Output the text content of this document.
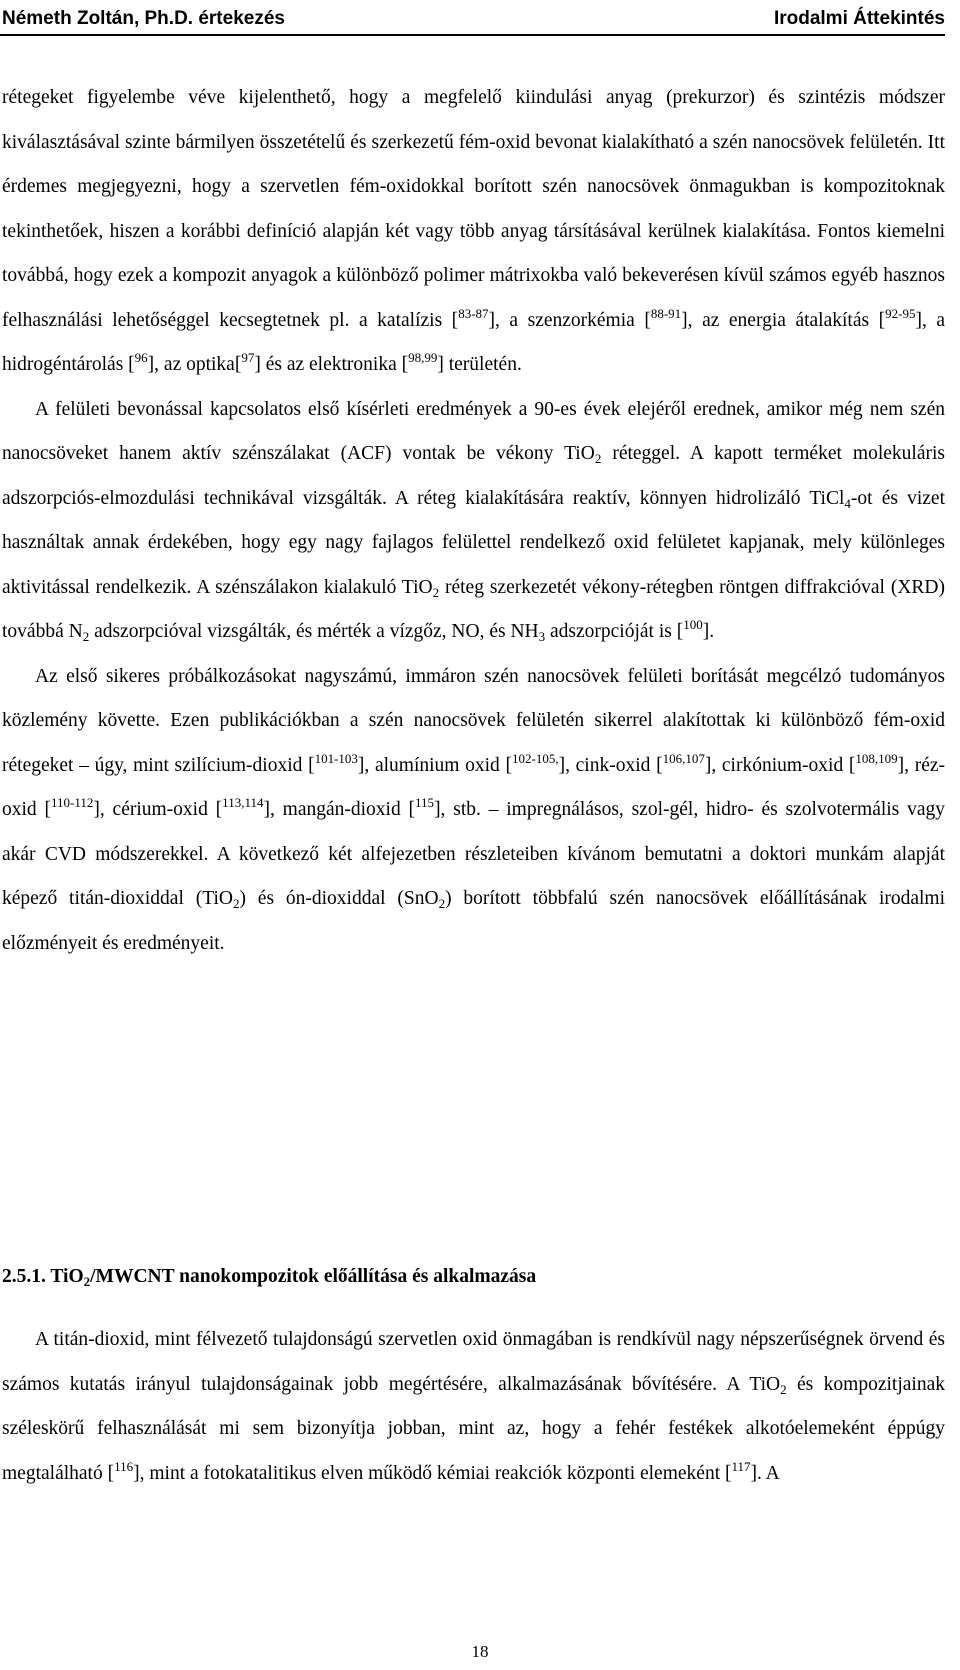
Németh Zoltán, Ph.D. értekezés	Irodalmi Áttekintés

rétegeket figyelembe véve kijelenthető, hogy a megfelelő kiindulási anyag (prekurzor) és szintézis módszer kiválasztásával szinte bármilyen összetételű és szerkezetű fém-oxid bevonat kialakítható a szén nanocsövek felületén. Itt érdemes megjegyezni, hogy a szervetlen fém-oxidokkal borított szén nanocsövek önmagukban is kompozitoknak tekinthetőek, hiszen a korábbi definíció alapján két vagy több anyag társításával kerülnek kialakítása. Fontos kiemelni továbbá, hogy ezek a kompozit anyagok a különböző polimer mátrixokba való bekeverésen kívül számos egyéb hasznos felhasználási lehetőséggel kecsegtetnek pl. a katalízis [$^{83-87}$], a szenzorkémia [$^{88-91}$], az energia átalakítás [$^{92-95}$], a hidrogéntárolás [$^{96}$], az optika[$^{97}$] és az elektronika [$^{98,99}$] területén.

A felületi bevonással kapcsolatos első kísérleti eredmények a 90-es évek elejéről erednek, amikor még nem szén nanocsöveket hanem aktív szénszálakat (ACF) vontak be vékony TiO$_2$ réteggel. A kapott terméket molekuláris adszorpciós-elmozdulási technikával vizsgálták. A réteg kialakítására reaktív, könnyen hidrolizáló TiCl$_4$-ot és vizet használtak annak érdekében, hogy egy nagy fajlagos felülettel rendelkező oxid felületet kapjanak, mely különleges aktivitással rendelkezik. A szénszálakon kialakuló TiO$_2$ réteg szerkezetét vékony-rétegben röntgen diffrakcióval (XRD) továbbá $N_2$ adszorpcióval vizsgálták, és mérték a vízgőz, NO, és $NH_3$ adszorpcióját is [$^{100}$].

Az első sikeres próbálkozásokat nagyszámú, immáron szén nanocsövek felületi borítását megcélzó tudományos közlemény követte. Ezen publikációkban a szén nanocsövek felületén sikerrel alakítottak ki különböző fém-oxid rétegeket – úgy, mint szilícium-dioxid [$^{101-103}$], alumínium oxid [$^{102-105,}$], cink-oxid [$^{106,107}$], cirkónium-oxid [$^{108,109}$], réz-oxid [$^{110-112}$], cérium-oxid [$^{113,114}$], mangán-dioxid [$^{115}$], stb. – impregnálásos, szol-gél, hidro- és szolvotermális vagy akár CVD módszerekkel. A következő két alfejezetben részleteiben kívánom bemutatni a doktori munkám alapját képező titán-dioxiddal (TiO$_2$) és ón-dioxiddal (SnO$_2$) borított többfalú szén nanocsövek előállításának irodalmi előzményeit és eredményeit.

2.5.1. TiO$_2$/MWCNT nanokompozitok előállítása és alkalmazása

A titán-dioxid, mint félvezető tulajdonságú szervetlen oxid önmagában is rendkívül nagy népszerűségnek örvend és számos kutatás irányul tulajdonságainak jobb megértésére, alkalmazásának bővítésére. A TiO$_2$ és kompozitjainak széleskörű felhasználását mi sem bizonyítja jobban, mint az, hogy a fehér festékek alkotóelemeként éppúgy megtalálható [$^{116}$], mint a fotokatalitikus elven működő kémiai reakciók központi elemeként [$^{117}$]. A

18
